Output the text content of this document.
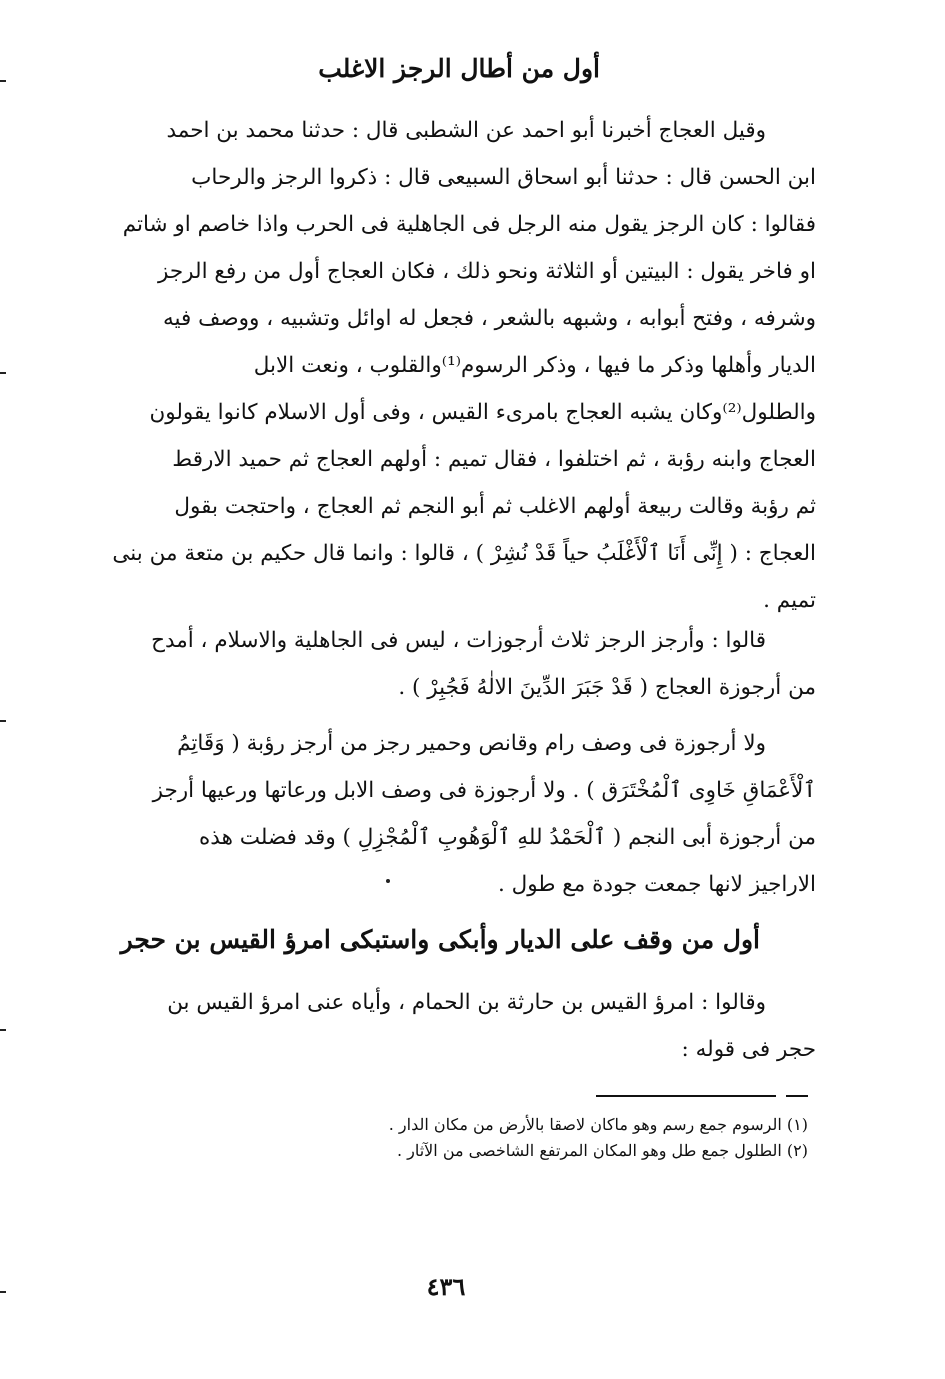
أول من أطال الرجز الاغلب
وقيل العجاج أخبرنا أبو احمد عن الشطبى قال : حدثنا محمد بن احمد
ابن الحسن قال : حدثنا أبو اسحاق السبيعى قال : ذكروا الرجز والرحاب
فقالوا : كان الرجز يقول منه الرجل فى الجاهلية فى الحرب واذا خاصم او شاتم
او فاخر يقول : البيتين أو الثلاثة ونحو ذلك ، فكان العجاج أول من رفع الرجز
وشرفه ، وفتح أبوابه ، وشبهه بالشعر ، فجعل له اوائل وتشبيه ، ووصف فيه
الديار وأهلها وذكر ما فيها ، وذكر الرسوم⁽¹⁾والقلوب ، ونعت الابل
والطلول⁽²⁾وكان يشبه العجاج بامرىء القيس ، وفى أول الاسلام كانوا يقولون
العجاج وابنه رؤبة ، ثم اختلفوا ، فقال تميم : أولهم العجاج ثم حميد الارقط
ثم رؤبة وقالت ربيعة أولهم الاغلب ثم أبو النجم ثم العجاج ، واحتجت بقول
العجاج : ( إِنِّى أَنَا ٱلْأَغْلَبُ حياً قَدْ نُشِرْ ) ، قالوا : وانما قال حكيم بن متعة من بنى
تميم .
قالوا : وأرجز الرجز ثلاث أرجوزات ، ليس فى الجاهلية والاسلام ، أمدح
من أرجوزة العجاج ( قَدْ جَبَرَ الدِّينَ الالٰهُ فَجُبِرْ ) .
ولا أرجوزة فى وصف رام وقانص وحمير رجز من أرجز رؤبة ( وَقَاتِمُ
ٱلْأَعْمَاقِ خَاوِى ٱلْمُخْتَرَق ) . ولا أرجوزة فى وصف الابل ورعاتها ورعيها أرجز
من أرجوزة أبى النجم ( ٱلْحَمْدُ للهِ ٱلْوَهُوبِ ٱلْمُجْزِلِ ) وقد فضلت هذه
الاراجيز لانها جمعت جودة مع طول .
أول من وقف على الديار وأبكى واستبكى امرؤ القيس بن حجر
وقالوا : امرؤ القيس بن حارثة بن الحمام ، وأياه عنى امرؤ القيس بن
حجر فى قوله :
(١) الرسوم جمع رسم وهو ماكان لاصقا بالأرض من مكان الدار .
(٢) الطلول جمع طل وهو المكان المرتفع الشاخصى من الآثار .
٤٣٦
